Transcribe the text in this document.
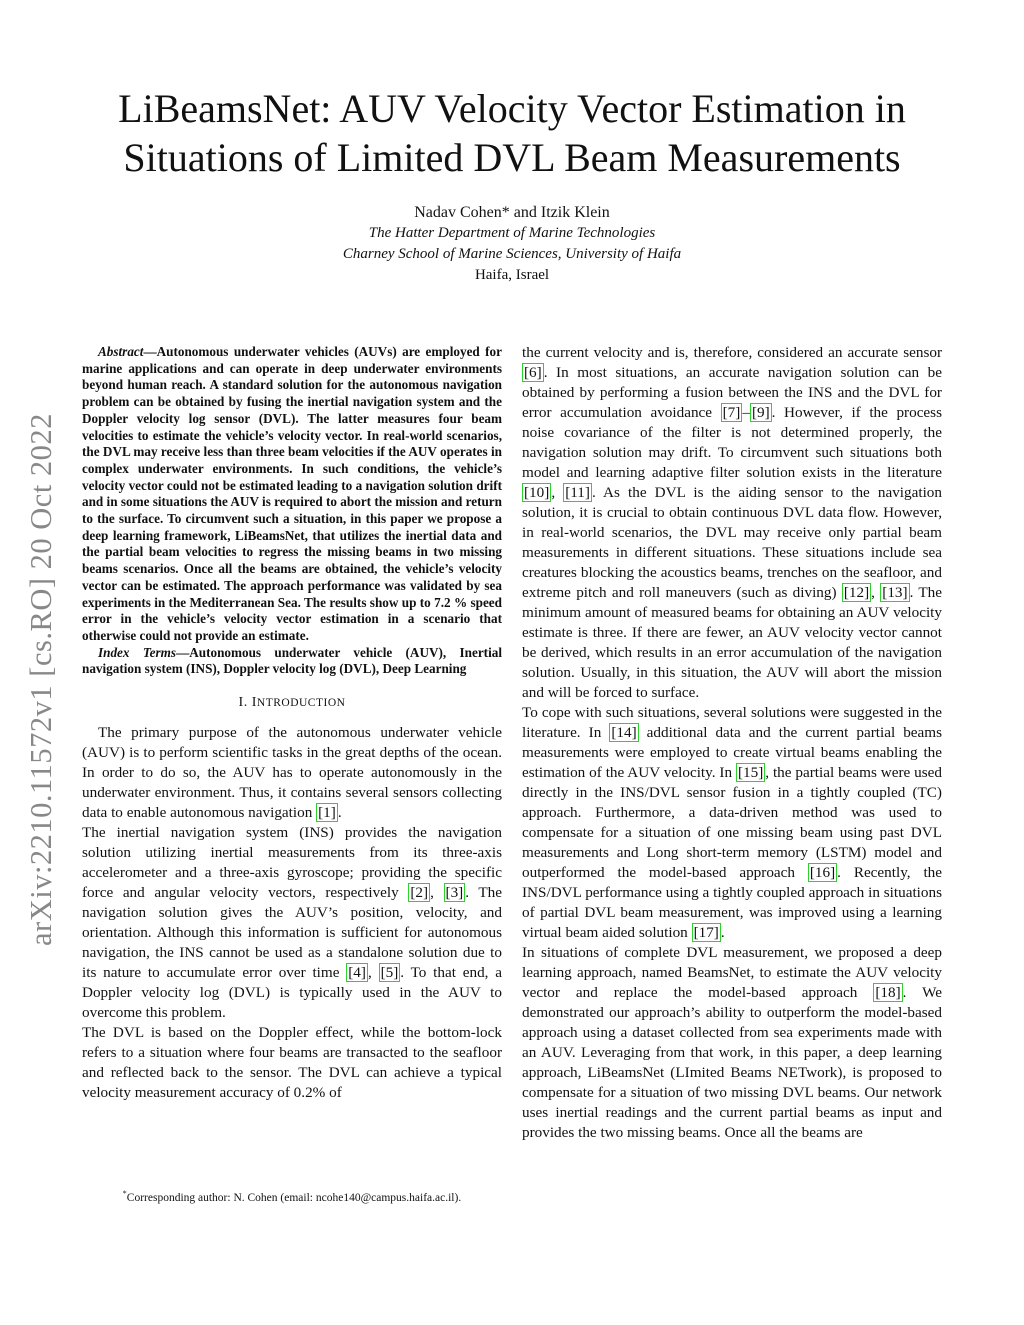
LiBeamsNet: AUV Velocity Vector Estimation in
Situations of Limited DVL Beam Measurements
Nadav Cohen* and Itzik Klein
The Hatter Department of Marine Technologies
Charney School of Marine Sciences, University of Haifa
Haifa, Israel
arXiv:2210.11572v1 [cs.RO] 20 Oct 2022

Abstract—Autonomous underwater vehicles (AUVs) are employed for marine applications and can operate in deep underwater environments beyond human reach. A standard solution for the autonomous navigation problem can be obtained by fusing the inertial navigation system and the Doppler velocity log sensor (DVL). The latter measures four beam velocities to estimate the vehicle’s velocity vector. In real-world scenarios, the DVL may receive less than three beam velocities if the AUV operates in complex underwater environments. In such conditions, the vehicle’s velocity vector could not be estimated leading to a navigation solution drift and in some situations the AUV is required to abort the mission and return to the surface. To circumvent such a situation, in this paper we propose a deep learning framework, LiBeamsNet, that utilizes the inertial data and the partial beam velocities to regress the missing beams in two missing beams scenarios. Once all the beams are obtained, the vehicle’s velocity vector can be estimated. The approach performance was validated by sea experiments in the Mediterranean Sea. The results show up to 7.2 % speed error in the vehicle’s velocity vector estimation in a scenario that otherwise could not provide an estimate.

Index Terms—Autonomous underwater vehicle (AUV), Inertial navigation system (INS), Doppler velocity log (DVL), Deep Learning

I. INTRODUCTION

The primary purpose of the autonomous underwater vehicle (AUV) is to perform scientific tasks in the great depths of the ocean. In order to do so, the AUV has to operate autonomously in the underwater environment. Thus, it contains several sensors collecting data to enable autonomous navigation [1] .

The inertial navigation system (INS) provides the navigation solution utilizing inertial measurements from its three-axis accelerometer and a three-axis gyroscope; providing the specific force and angular velocity vectors, respectively [2] , [3] . The navigation solution gives the AUV’s position, velocity, and orientation. Although this information is sufficient for autonomous navigation, the INS cannot be used as a standalone solution due to its nature to accumulate error over time [4] , [5] . To that end, a Doppler velocity log (DVL) is typically used in the AUV to overcome this problem.

The DVL is based on the Doppler effect, while the bottom-lock refers to a situation where four beams are transacted to the seafloor and reflected back to the sensor. The DVL can achieve a typical velocity measurement accuracy of 0.2% of

*Corresponding author: N. Cohen (email: ncohe140@campus.haifa.ac.il).

the current velocity and is, therefore, considered an accurate sensor [6] . In most situations, an accurate navigation solution can be obtained by performing a fusion between the INS and the DVL for error accumulation avoidance [7] – [9] . However, if the process noise covariance of the filter is not determined properly, the navigation solution may drift. To circumvent such situations both model and learning adaptive filter solution exists in the literature [10] , [11] . As the DVL is the aiding sensor to the navigation solution, it is crucial to obtain continuous DVL data flow. However, in real-world scenarios, the DVL may receive only partial beam measurements in different situations. These situations include sea creatures blocking the acoustics beams, trenches on the seafloor, and extreme pitch and roll maneuvers (such as diving) [12] , [13] . The minimum amount of measured beams for obtaining an AUV velocity estimate is three. If there are fewer, an AUV velocity vector cannot be derived, which results in an error accumulation of the navigation solution. Usually, in this situation, the AUV will abort the mission and will be forced to surface.

To cope with such situations, several solutions were suggested in the literature. In [14] additional data and the current partial beams measurements were employed to create virtual beams enabling the estimation of the AUV velocity. In [15] , the partial beams were used directly in the INS/DVL sensor fusion in a tightly coupled (TC) approach. Furthermore, a data-driven method was used to compensate for a situation of one missing beam using past DVL measurements and Long short-term memory (LSTM) model and outperformed the model-based approach [16] . Recently, the INS/DVL performance using a tightly coupled approach in situations of partial DVL beam measurement, was improved using a learning virtual beam aided solution [17] .

In situations of complete DVL measurement, we proposed a deep learning approach, named BeamsNet, to estimate the AUV velocity vector and replace the model-based approach [18] . We demonstrated our approach’s ability to outperform the model-based approach using a dataset collected from sea experiments made with an AUV. Leveraging from that work, in this paper, a deep learning approach, LiBeamsNet (LImited Beams NETwork), is proposed to compensate for a situation of two missing DVL beams. Our network uses inertial readings and the current partial beams as input and provides the two missing beams. Once all the beams are
